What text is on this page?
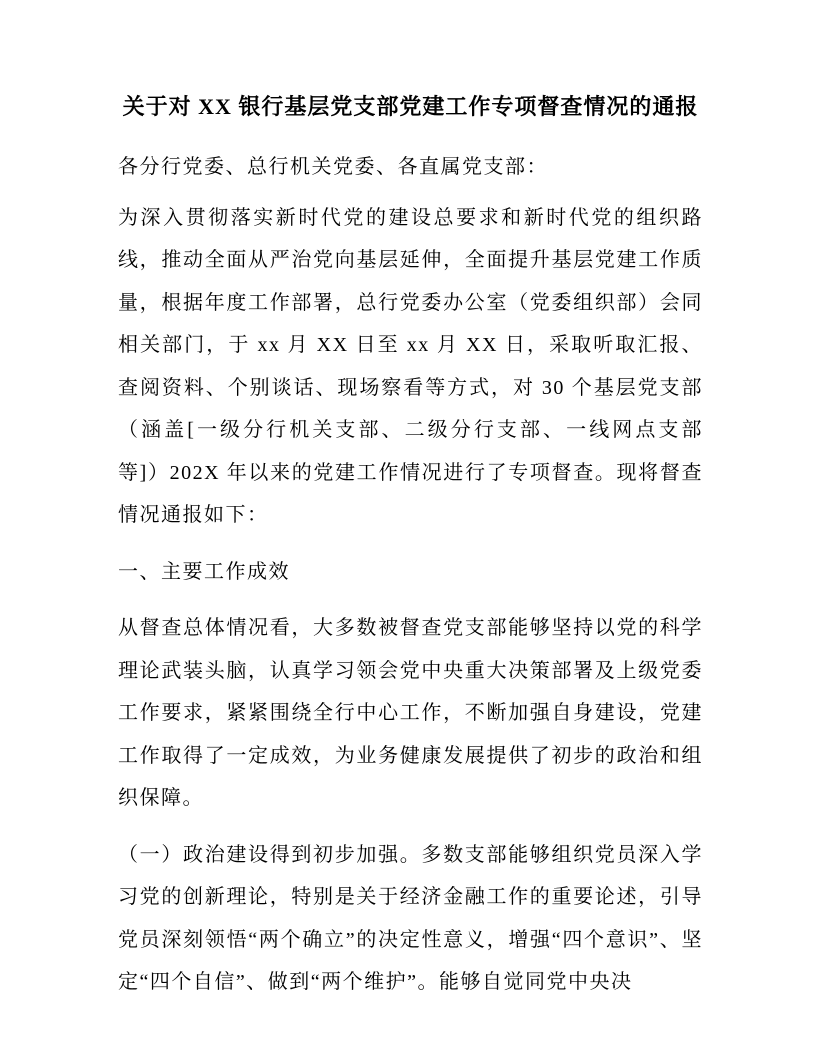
关于对 XX 银行基层党支部党建工作专项督查情况的通报

各分行党委、总行机关党委、各直属党支部：

为深入贯彻落实新时代党的建设总要求和新时代党的组织路线，推动全面从严治党向基层延伸，全面提升基层党建工作质量，根据年度工作部署，总行党委办公室（党委组织部）会同相关部门，于 xx 月 XX 日至 xx 月 XX 日，采取听取汇报、查阅资料、个别谈话、现场察看等方式，对 30 个基层党支部（涵盖[一级分行机关支部、二级分行支部、一线网点支部等]）202X 年以来的党建工作情况进行了专项督查。现将督查情况通报如下：

一、主要工作成效

从督查总体情况看，大多数被督查党支部能够坚持以党的科学理论武装头脑，认真学习领会党中央重大决策部署及上级党委工作要求，紧紧围绕全行中心工作，不断加强自身建设，党建工作取得了一定成效，为业务健康发展提供了初步的政治和组织保障。

（一）政治建设得到初步加强。多数支部能够组织党员深入学习党的创新理论，特别是关于经济金融工作的重要论述，引导党员深刻领悟“两个确立”的决定性意义，增强“四个意识”、坚定“四个自信”、做到“两个维护”。能够自觉同党中央决
